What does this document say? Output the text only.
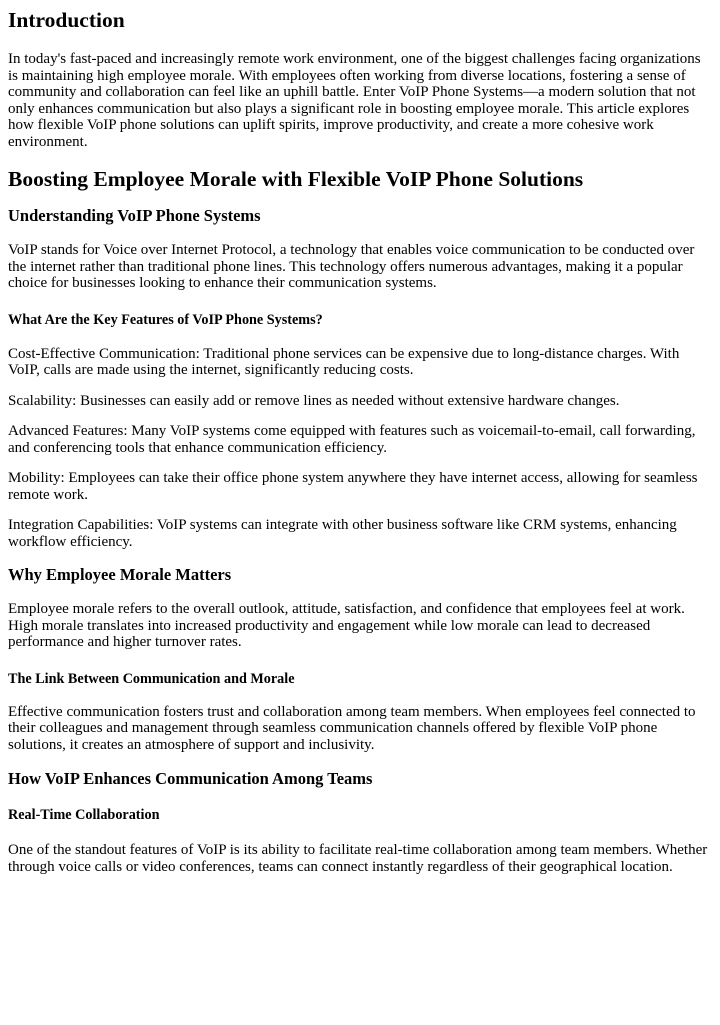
Introduction

In today's fast-paced and increasingly remote work environment, one of the biggest challenges facing organizations is maintaining high employee morale. With employees often working from diverse locations, fostering a sense of community and collaboration can feel like an uphill battle. Enter VoIP Phone Systems—a modern solution that not only enhances communication but also plays a significant role in boosting employee morale. This article explores how flexible VoIP phone solutions can uplift spirits, improve productivity, and create a more cohesive work environment.

Boosting Employee Morale with Flexible VoIP Phone Solutions
Understanding VoIP Phone Systems

VoIP stands for Voice over Internet Protocol, a technology that enables voice communication to be conducted over the internet rather than traditional phone lines. This technology offers numerous advantages, making it a popular choice for businesses looking to enhance their communication systems.

What Are the Key Features of VoIP Phone Systems?

Cost-Effective Communication: Traditional phone services can be expensive due to long-distance charges. With VoIP, calls are made using the internet, significantly reducing costs.

Scalability: Businesses can easily add or remove lines as needed without extensive hardware changes.

Advanced Features: Many VoIP systems come equipped with features such as voicemail-to-email, call forwarding, and conferencing tools that enhance communication efficiency.

Mobility: Employees can take their office phone system anywhere they have internet access, allowing for seamless remote work.

Integration Capabilities: VoIP systems can integrate with other business software like CRM systems, enhancing workflow efficiency.

Why Employee Morale Matters

Employee morale refers to the overall outlook, attitude, satisfaction, and confidence that employees feel at work. High morale translates into increased productivity and engagement while low morale can lead to decreased performance and higher turnover rates.

The Link Between Communication and Morale

Effective communication fosters trust and collaboration among team members. When employees feel connected to their colleagues and management through seamless communication channels offered by flexible VoIP phone solutions, it creates an atmosphere of support and inclusivity.

How VoIP Enhances Communication Among Teams
Real-Time Collaboration

One of the standout features of VoIP is its ability to facilitate real-time collaboration among team members. Whether through voice calls or video conferences, teams can connect instantly regardless of their geographical location.
